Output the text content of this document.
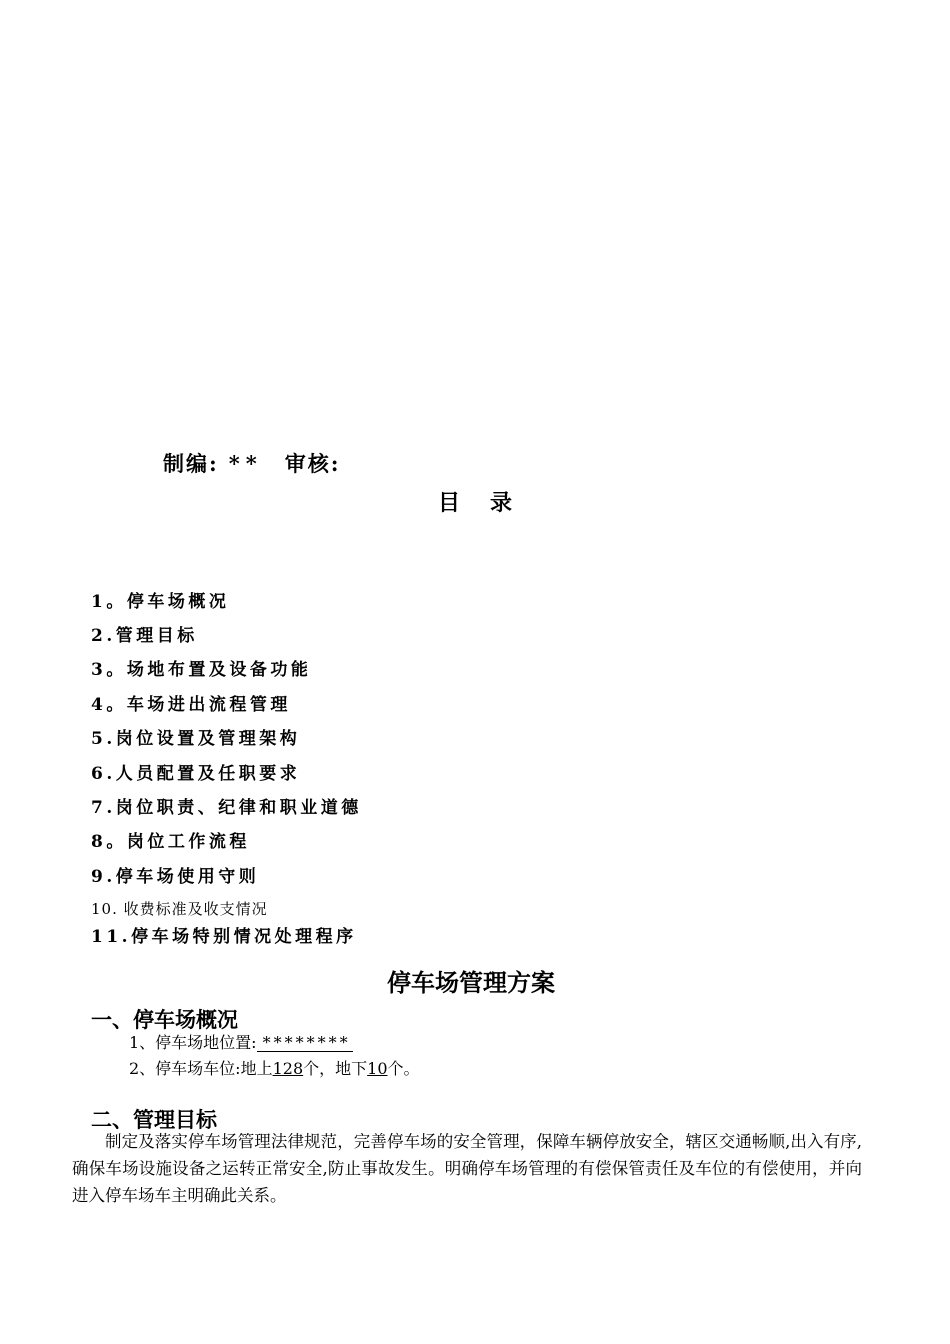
制编: ** 审核:
目 录
1。停车场概况
2.管理目标
3。场地布置及设备功能
4。车场进出流程管理
5.岗位设置及管理架构
6.人员配置及任职要求
7.岗位职责、纪律和职业道德
8。岗位工作流程
9.停车场使用守则
10. 收费标准及收支情况
11.停车场特别情况处理程序
停车场管理方案
一、停车场概况
1、停车场地位置: ********
2、停车场车位:地上128个，地下10个。
二、管理目标
制定及落实停车场管理法律规范，完善停车场的安全管理，保障车辆停放安全，辖区交通畅顺,出入有序,确保车场设施设备之运转正常安全,防止事故发生。明确停车场管理的有偿保管责任及车位的有偿使用，并向进入停车场车主明确此关系。
